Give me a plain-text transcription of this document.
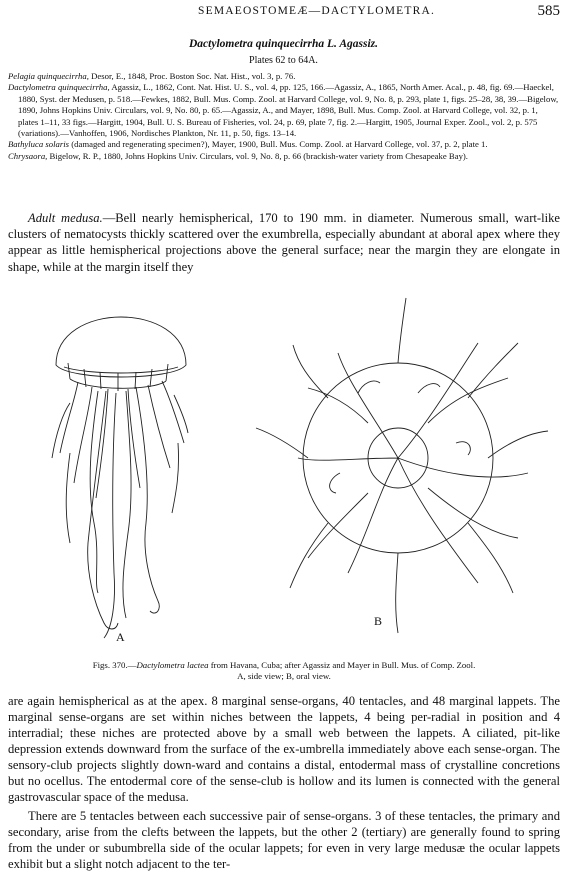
SEMAEOSTOMEÆ—DACTYLOMETRA.	585
Dactylometra quinquecirrha L. Agassiz.
Plates 62 to 64A.

Pelagia quinquecirrha, Desor, E., 1848, Proc. Boston Soc. Nat. Hist., vol. 3, p. 76.

Dactylometra quinquecirrha, Agassiz, L., 1862, Cont. Nat. Hist. U. S., vol. 4, pp. 125, 166.—Agassiz, A., 1865, North Amer. Acal., p. 48, fig. 69.—Haeckel, 1880, Syst. der Medusen, p. 518.—Fewkes, 1882, Bull. Mus. Comp. Zool. at Harvard College, vol. 9, No. 8, p. 293, plate 1, figs. 25–28, 38, 39.—Bigelow, 1890, Johns Hopkins Univ. Circulars, vol. 9, No. 80, p. 65.—Agassiz, A., and Mayer, 1898, Bull. Mus. Comp. Zool. at Harvard College, vol. 32, p. 1, plates 1–11, 33 figs.—Hargitt, 1904, Bull. U. S. Bureau of Fisheries, vol. 24, p. 69, plate 7, fig. 2.—Hargitt, 1905, Journal Exper. Zool., vol. 2, p. 575 (variations).—Vanhoffen, 1906, Nordisches Plankton, Nr. 11, p. 50, figs. 13–14.

Bathyluca solaris (damaged and regenerating specimen?), Mayer, 1900, Bull. Mus. Comp. Zool. at Harvard College, vol. 37, p. 2, plate 1.

Chrysaora, Bigelow, R. P., 1880, Johns Hopkins Univ. Circulars, vol. 9, No. 8, p. 66 (brackish-water variety from Chesapeake Bay).

Adult medusa.—Bell nearly hemispherical, 170 to 190 mm. in diameter. Numerous small, wart-like clusters of nematocysts thickly scattered over the exumbrella, especially abundant at aboral apex where they appear as little hemispherical projections above the general surface; near the margin they are elongate in shape, while at the margin itself they
A
B
Figs. 370.—Dactylometra lactea from Havana, Cuba; after Agassiz and Mayer in Bull. Mus. of Comp. Zool.
A, side view; B, oral view.
are again hemispherical as at the apex. 8 marginal sense-organs, 40 tentacles, and 48 marginal lappets. The marginal sense-organs are set within niches between the lappets, 4 being per-radial in position and 4 interradial; these niches are protected above by a small web between the lappets. A ciliated, pit-like depression extends downward from the surface of the ex-umbrella immediately above each sense-organ. The sensory-club projects slightly down-ward and contains a distal, entodermal mass of crystalline concretions but no ocellus. The entodermal core of the sense-club is hollow and its lumen is connected with the general gastrovascular space of the medusa.
There are 5 tentacles between each successive pair of sense-organs. 3 of these tentacles, the primary and secondary, arise from the clefts between the lappets, but the other 2 (tertiary) are generally found to spring from the under or subumbrella side of the ocular lappets; for even in very large medusæ the ocular lappets exhibit but a slight notch adjacent to the ter-
